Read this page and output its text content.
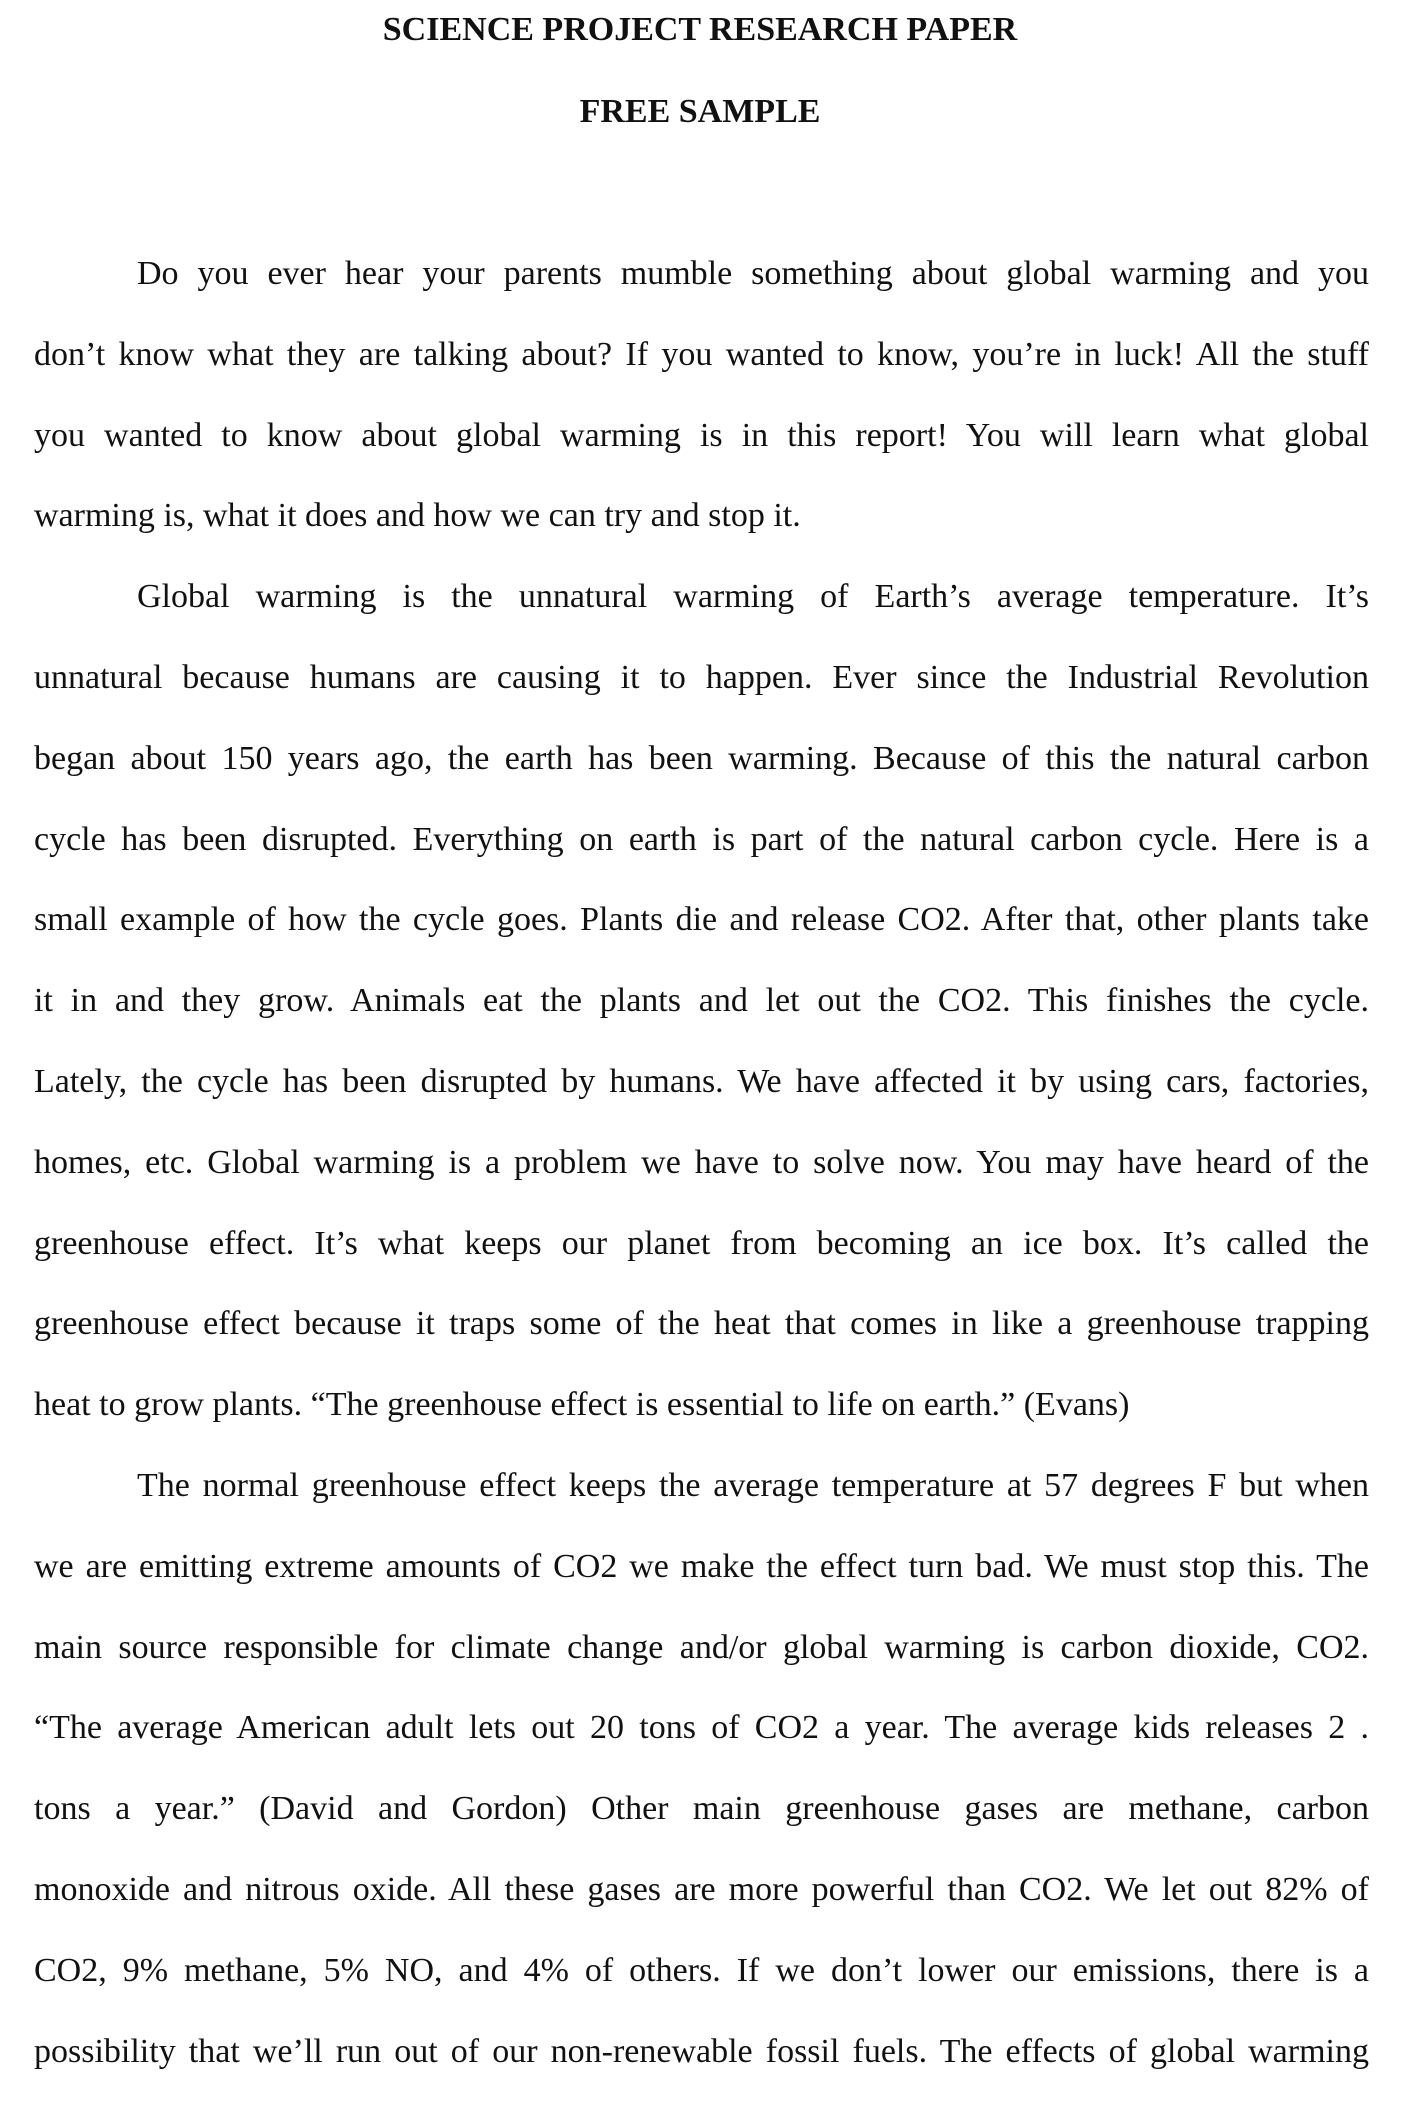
SCIENCE PROJECT RESEARCH PAPER
FREE SAMPLE
Do you ever hear your parents mumble something about global warming and you
don’t know what they are talking about? If you wanted to know, you’re in luck! All the stuff
you wanted to know about global warming is in this report! You will learn what global
warming is, what it does and how we can try and stop it.
Global warming is the unnatural warming of Earth’s average temperature. It’s
unnatural because humans are causing it to happen. Ever since the Industrial Revolution
began about 150 years ago, the earth has been warming. Because of this the natural carbon
cycle has been disrupted. Everything on earth is part of the natural carbon cycle. Here is a
small example of how the cycle goes. Plants die and release CO2. After that, other plants take
it in and they grow. Animals eat the plants and let out the CO2. This finishes the cycle.
Lately, the cycle has been disrupted by humans. We have affected it by using cars, factories,
homes, etc. Global warming is a problem we have to solve now. You may have heard of the
greenhouse effect. It’s what keeps our planet from becoming an ice box. It’s called the
greenhouse effect because it traps some of the heat that comes in like a greenhouse trapping
heat to grow plants. “The greenhouse effect is essential to life on earth.” (Evans)
The normal greenhouse effect keeps the average temperature at 57 degrees F but when
we are emitting extreme amounts of CO2 we make the effect turn bad. We must stop this. The
main source responsible for climate change and/or global warming is carbon dioxide, CO2.
“The average American adult lets out 20 tons of CO2 a year. The average kids releases 2 .
tons a year.” (David and Gordon) Other main greenhouse gases are methane, carbon
monoxide and nitrous oxide. All these gases are more powerful than CO2. We let out 82% of
CO2, 9% methane, 5% NO, and 4% of others. If we don’t lower our emissions, there is a
possibility that we’ll run out of our non-renewable fossil fuels. The effects of global warming
